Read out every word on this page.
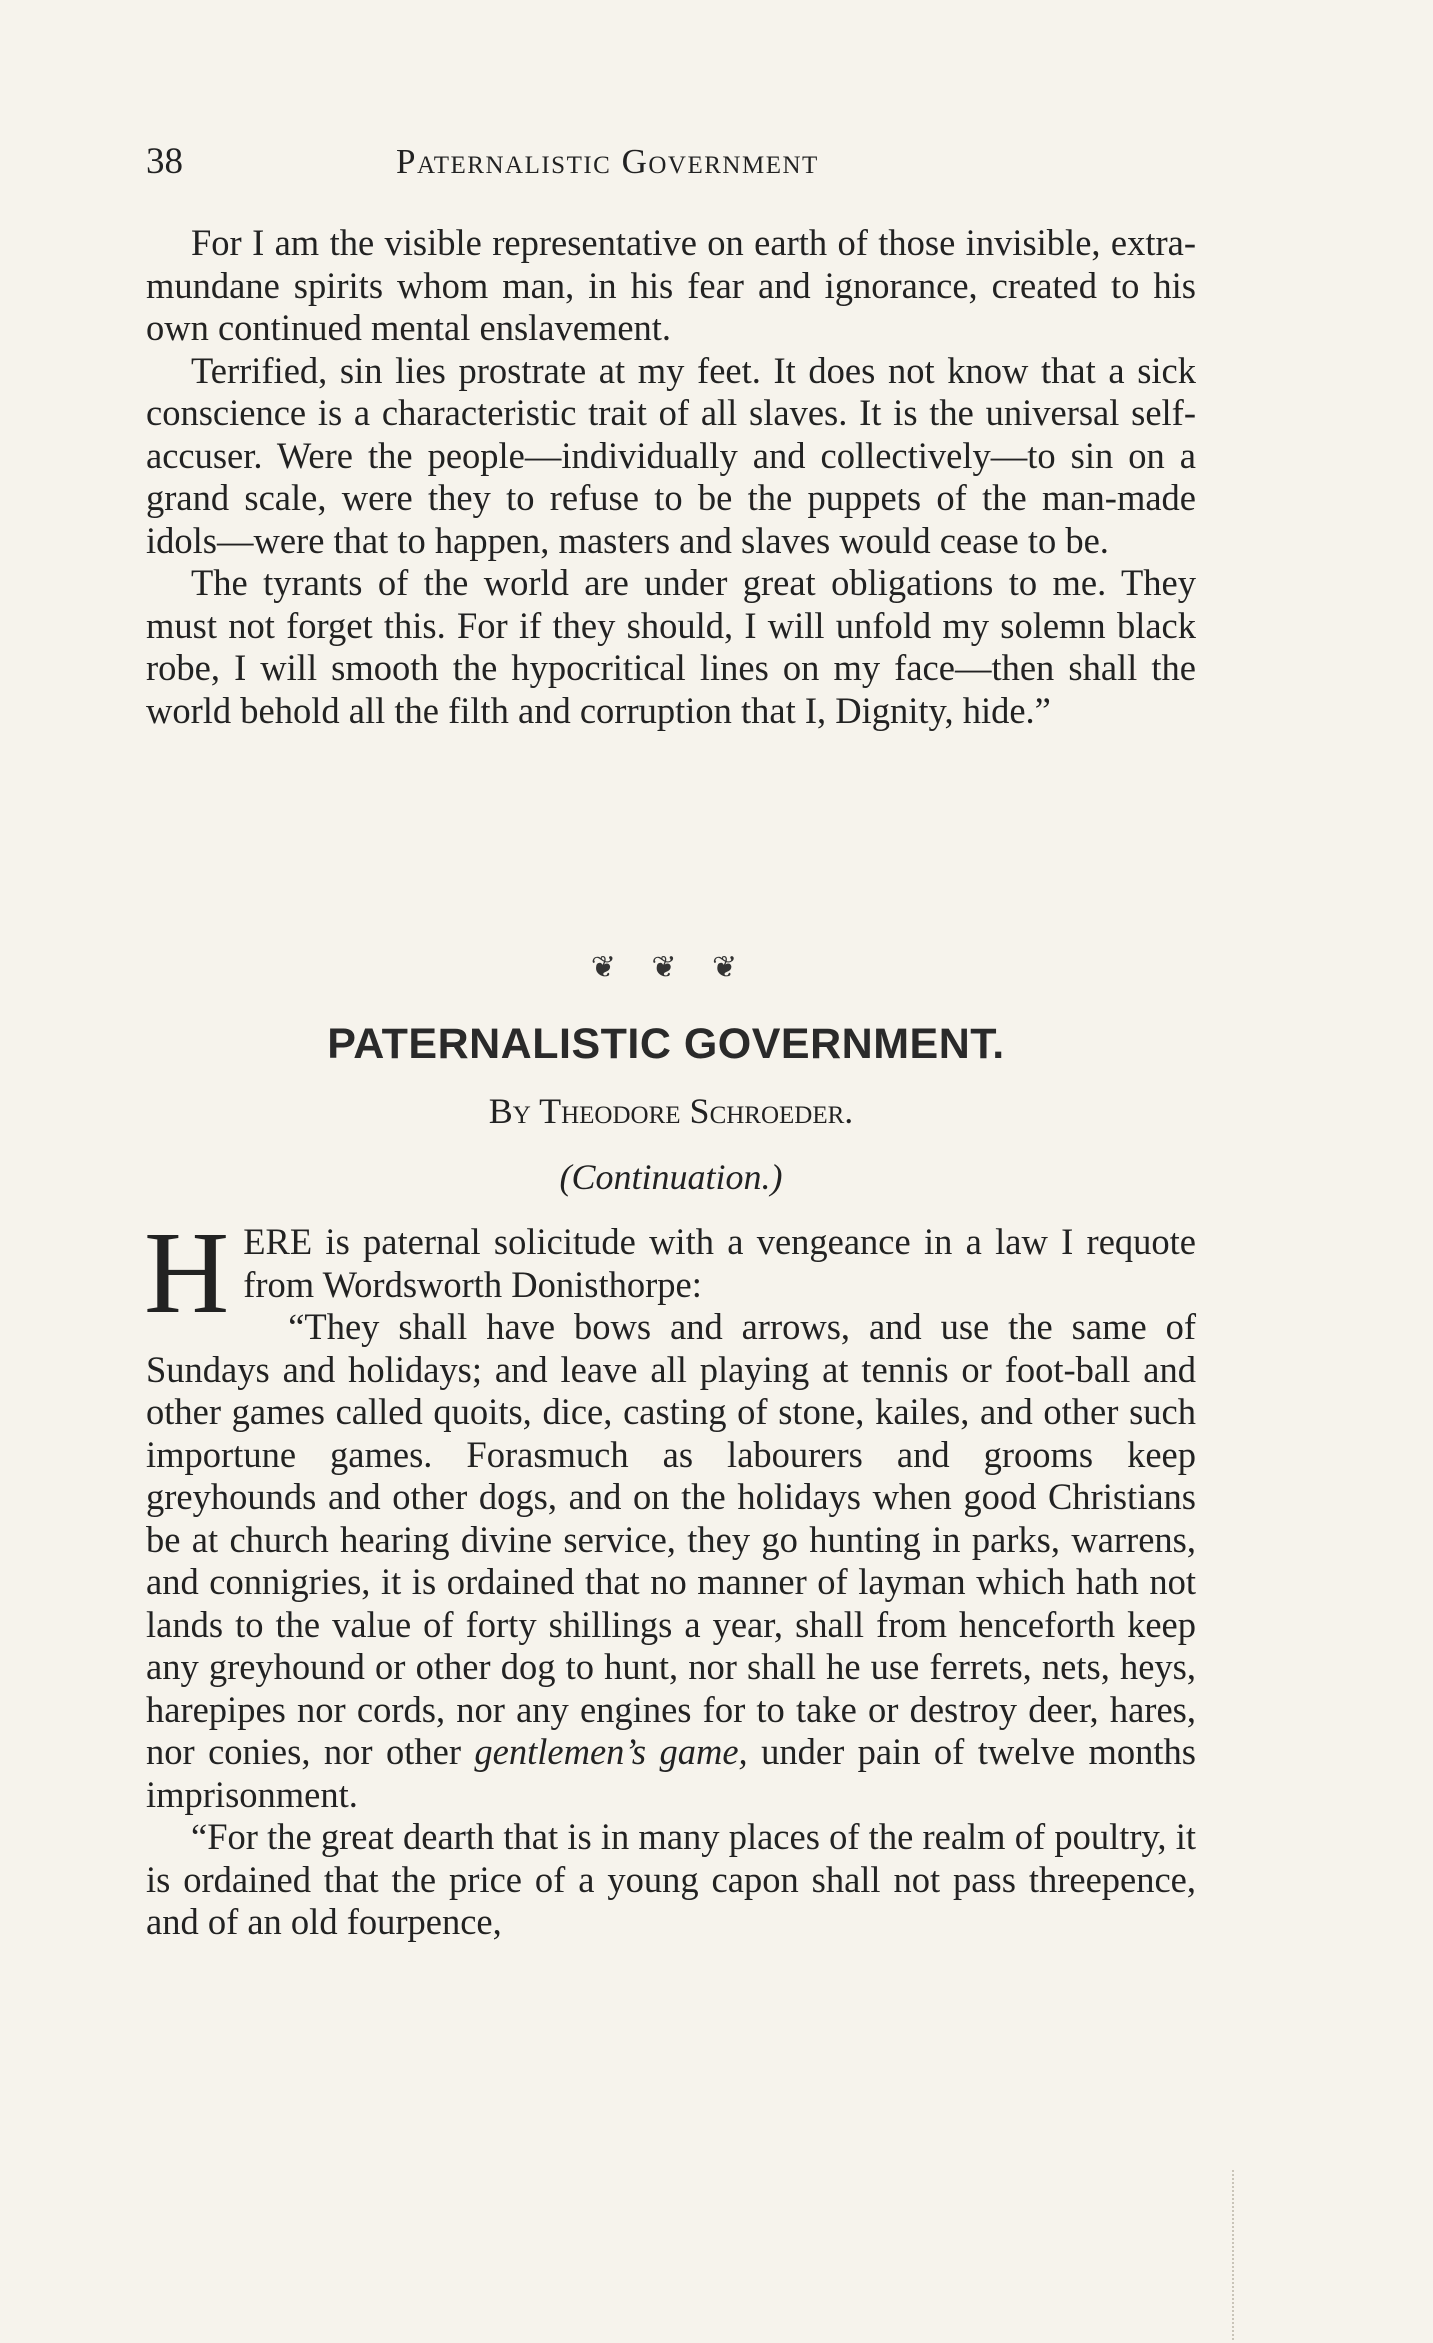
38	Paternalistic Government

For I am the visible representative on earth of those invisible, extra-mundane spirits whom man, in his fear and ignorance, created to his own continued mental enslavement.

Terrified, sin lies prostrate at my feet. It does not know that a sick conscience is a characteristic trait of all slaves. It is the universal self-accuser. Were the people—individually and collectively—to sin on a grand scale, were they to refuse to be the puppets of the man-made idols—were that to happen, masters and slaves would cease to be.

The tyrants of the world are under great obligations to me. They must not forget this. For if they should, I will unfold my solemn black robe, I will smooth the hypocritical lines on my face—then shall the world behold all the filth and corruption that I, Dignity, hide.”

❦ ❦ ❦
PATERNALISTIC GOVERNMENT.
By Theodore Schroeder.
(Continuation.)

HERE is paternal solicitude with a vengeance in a law I requote from Wordsworth Donisthorpe:
“They shall have bows and arrows, and use the same of Sundays and holidays; and leave all playing at tennis or foot-ball and other games called quoits, dice, casting of stone, kailes, and other such importune games. Forasmuch as labourers and grooms keep greyhounds and other dogs, and on the holidays when good Christians be at church hearing divine service, they go hunting in parks, warrens, and connigries, it is ordained that no manner of layman which hath not lands to the value of forty shillings a year, shall from henceforth keep any greyhound or other dog to hunt, nor shall he use ferrets, nets, heys, harepipes nor cords, nor any engines for to take or destroy deer, hares, nor conies, nor other gentlemen’s game, under pain of twelve months imprisonment.

“For the great dearth that is in many places of the realm of poultry, it is ordained that the price of a young capon shall not pass threepence, and of an old fourpence,
